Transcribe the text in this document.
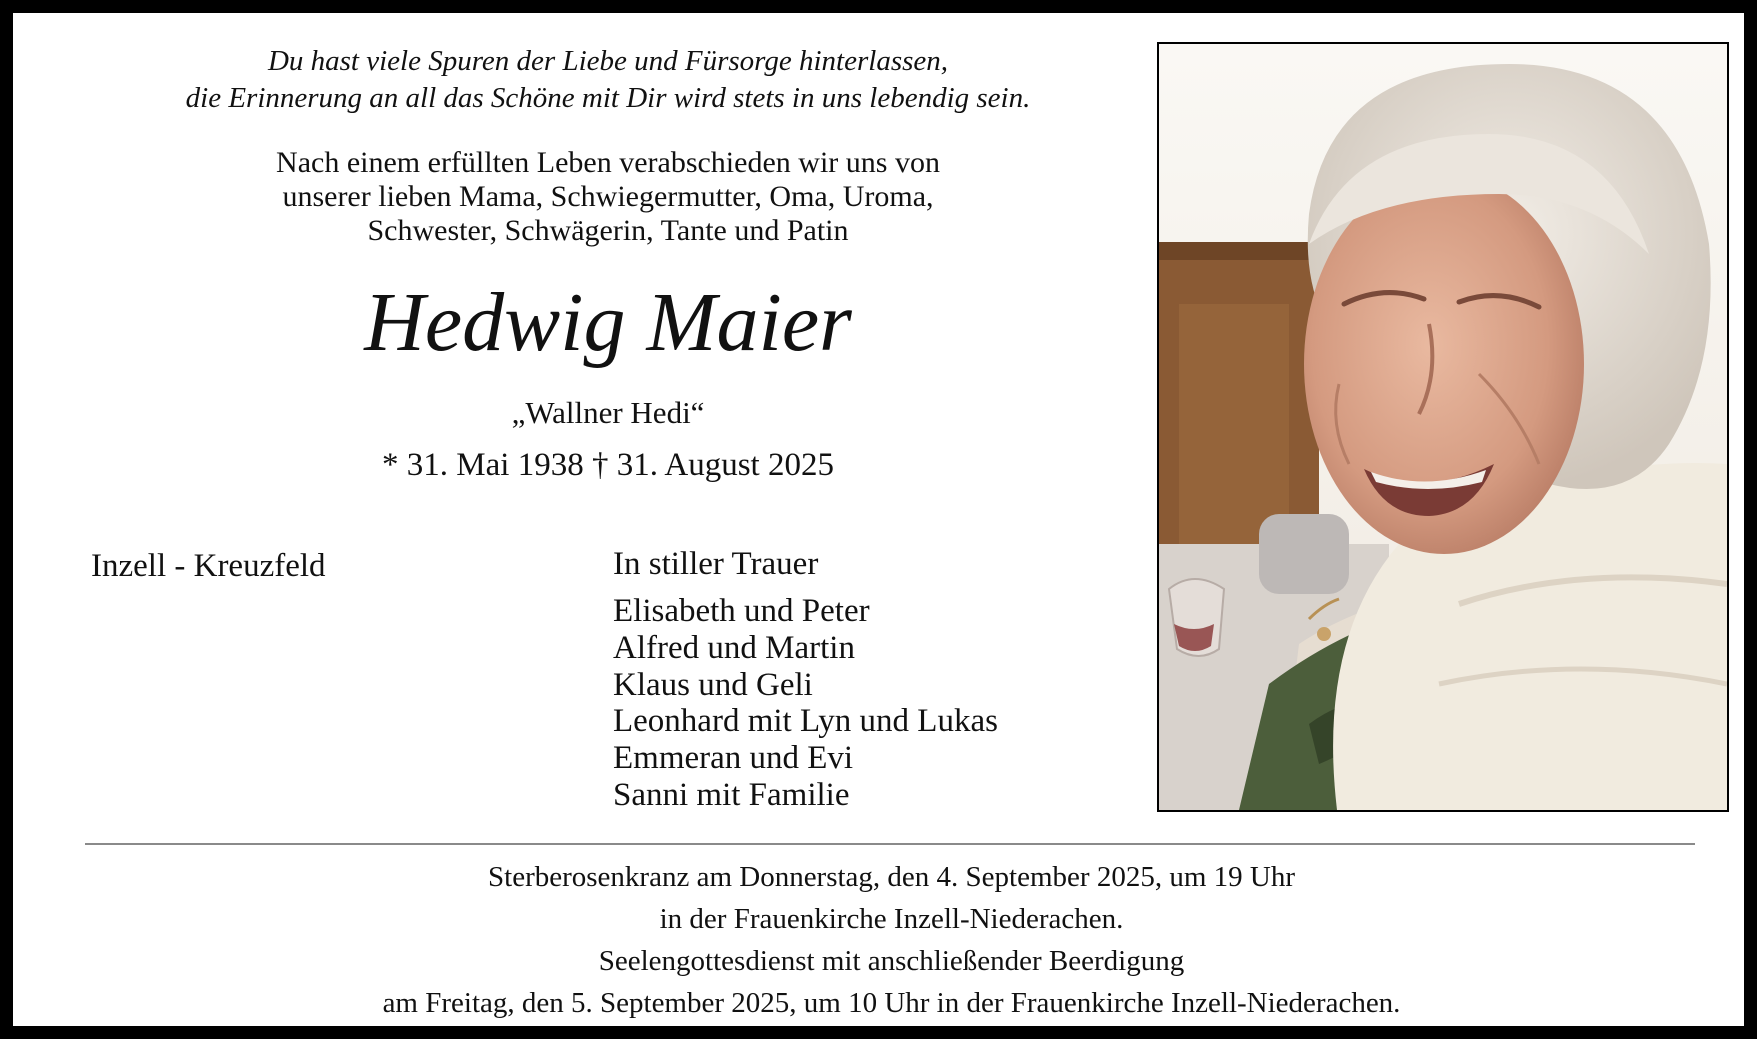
Du hast viele Spuren der Liebe und Fürsorge hinterlassen,
die Erinnerung an all das Schöne mit Dir wird stets in uns lebendig sein.
Nach einem erfüllten Leben verabschieden wir uns von
unserer lieben Mama, Schwiegermutter, Oma, Uroma,
Schwester, Schwägerin, Tante und Patin
Hedwig Maier
„Wallner Hedi“
* 31. Mai 1938 † 31. August 2025
Inzell - Kreuzfeld	In stiller Trauer
Elisabeth und Peter
Alfred und Martin
Klaus und Geli
Leonhard mit Lyn und Lukas
Emmeran und Evi
Sanni mit Familie
Sterberosenkranz am Donnerstag, den 4. September 2025, um 19 Uhr
in der Frauenkirche Inzell-Niederachen.
Seelengottesdienst mit anschließender Beerdigung
am Freitag, den 5. September 2025, um 10 Uhr in der Frauenkirche Inzell-Niederachen.
